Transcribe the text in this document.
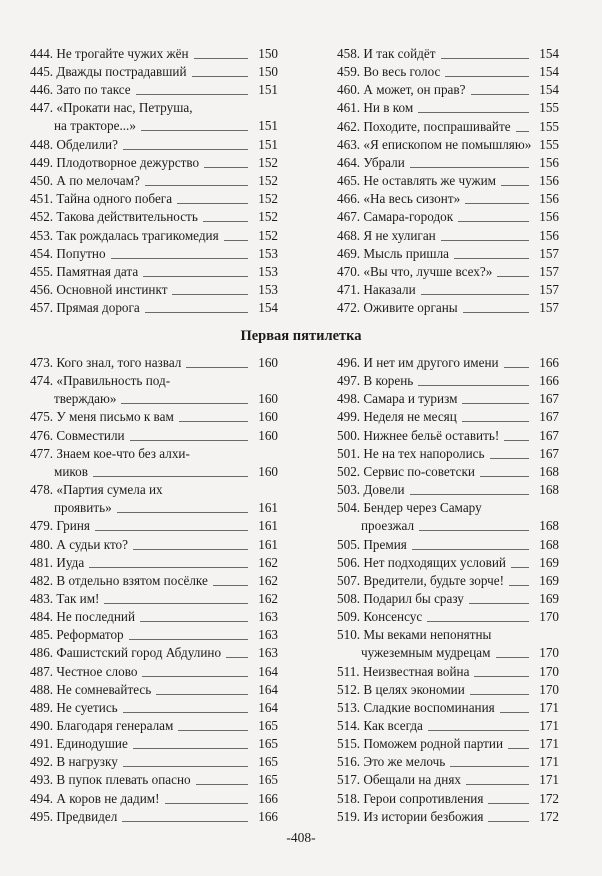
444. Не трогайте чужих жён	150
445. Дважды пострадавший	150
446. Зато по таксе	151
447. «Прокати нас, Петруша,
на тракторе...»	151
448. Обделили?	151
449. Плодотворное дежурство	152
450. А по мелочам?	152
451. Тайна одного побега	152
452. Такова действительность	152
453. Так рождалась трагикомедия	152
454. Попутно	153
455. Памятная дата	153
456. Основной инстинкт	153
457. Прямая дорога	154
458. И так сойдёт	154
459. Во весь голос	154
460. А может, он прав?	154
461. Ни в ком	155
462. Походите, поспрашивайте 155
463. «Я епископом не помышляю» 155
464. Убрали	156
465. Не оставлять же чужим	156
466. «На весь сизонт»	156
467. Самара-городок	156
468. Я не хулиган	156
469. Мысль пришла	157
470. «Вы что, лучше всех?»	157
471. Наказали	157
472. Оживите органы	157
Первая пятилетка
473. Кого знал, того назвал	160
474. «Правильность под-
тверждаю»	160
475. У меня письмо к вам	160
476. Совместили	160
477. Знаем кое-что без алхи-
миков	160
478. «Партия сумела их
проявить»	161
479. Гриня	161
480. А судьи кто?	161
481. Иуда	162
482. В отдельно взятом посёлке	162
483. Так им!	162
484. Не последний	163
485. Реформатор	163
486. Фашистский город Абдулино	163
487. Честное слово	164
488. Не сомневайтесь	164
489. Не суетись	164
490. Благодаря генералам	165
491. Единодушие	165
492. В нагрузку	165
493. В пупок плевать опасно	165
494. А коров не дадим!	166
495. Предвидел	166
496. И нет им другого имени	166
497. В корень	166
498. Самара и туризм	167
499. Неделя не месяц	167
500. Нижнее бельё оставить!	167
501. Не на тех напоролись	167
502. Сервис по-советски	168
503. Довели	168
504. Бендер через Самару
проезжал	168
505. Премия	168
506. Нет подходящих условий	169
507. Вредители, будьте зорче!	169
508. Подарил бы сразу	169
509. Консенсус	170
510. Мы веками непонятны
чужеземным мудрецам	170
511. Неизвестная война	170
512. В целях экономии	170
513. Сладкие воспоминания	171
514. Как всегда	171
515. Поможем родной партии	171
516. Это же мелочь	171
517. Обещали на днях	171
518. Герои сопротивления	172
519. Из истории безбожия	172
-408-
